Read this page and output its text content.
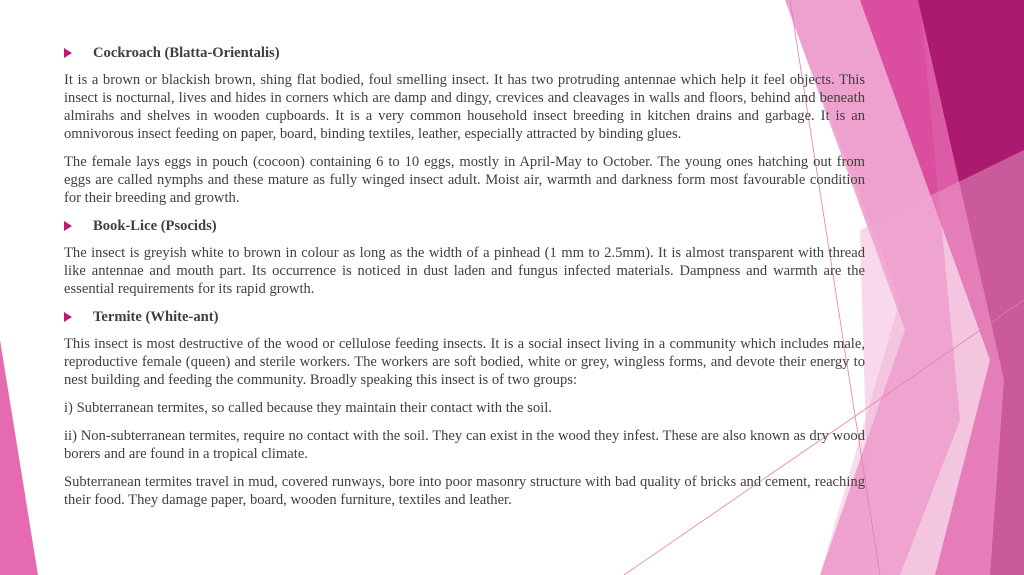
Cockroach (Blatta-Orientalis)

It is a brown or blackish brown, shing flat bodied, foul smelling insect. It has two protruding antennae which help it feel objects. This insect is nocturnal, lives and hides in corners which are damp and dingy, crevices and cleavages in walls and floors, behind and beneath almirahs and shelves in wooden cupboards. It is a very common household insect breeding in kitchen drains and garbage. It is an omnivorous insect feeding on paper, board, binding textiles, leather, especially attracted by binding glues.

The female lays eggs in pouch (cocoon) containing 6 to 10 eggs, mostly in April-May to October. The young ones hatching out from eggs are called nymphs and these mature as fully winged insect adult. Moist air, warmth and darkness form most favourable condition for their breeding and growth.

Book-Lice (Psocids)

The insect is greyish white to brown in colour as long as the width of a pinhead (1 mm to 2.5mm). It is almost transparent with thread like antennae and mouth part. Its occurrence is noticed in dust laden and fungus infected materials. Dampness and warmth are the essential requirements for its rapid growth.

Termite (White-ant)

This insect is most destructive of the wood or cellulose feeding insects. It is a social insect living in a community which includes male, reproductive female (queen) and sterile workers. The workers are soft bodied, white or grey, wingless forms, and devote their energy to nest building and feeding the community. Broadly speaking this insect is of two groups:

i) Subterranean termites, so called because they maintain their contact with the soil.

ii) Non-subterranean termites, require no contact with the soil. They can exist in the wood they infest. These are also known as dry wood borers and are found in a tropical climate.

Subterranean termites travel in mud, covered runways, bore into poor masonry structure with bad quality of bricks and cement, reaching their food. They damage paper, board, wooden furniture, textiles and leather.
